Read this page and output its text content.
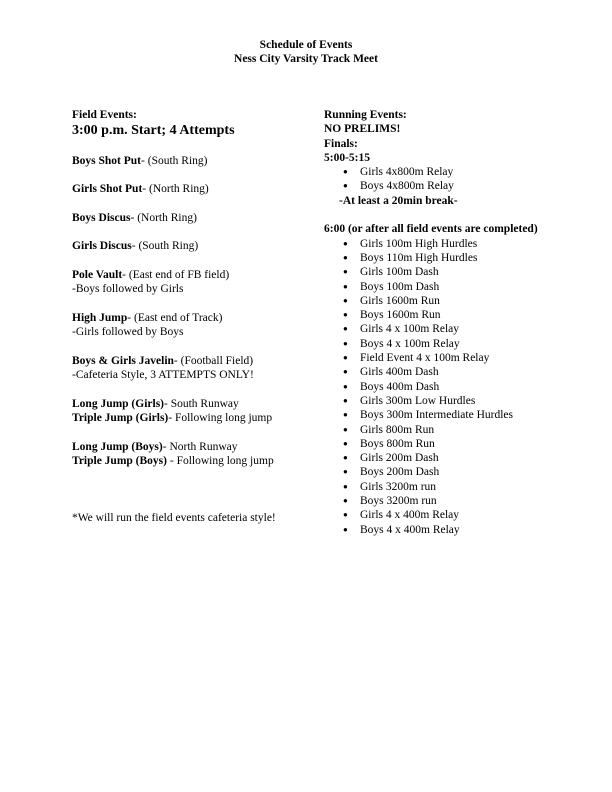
Schedule of Events
Ness City Varsity Track Meet
Field Events:
3:00 p.m. Start; 4 Attempts
Boys Shot Put- (South Ring)
Girls Shot Put- (North Ring)
Boys Discus- (North Ring)
Girls Discus- (South Ring)
Pole Vault- (East end of FB field)
-Boys followed by Girls
High Jump- (East end of Track)
-Girls followed by Boys
Boys & Girls Javelin- (Football Field)
-Cafeteria Style, 3 ATTEMPTS ONLY!
Long Jump (Girls)- South Runway
Triple Jump (Girls)- Following long jump
Long Jump (Boys)- North Runway
Triple Jump (Boys) - Following long jump
*We will run the field events cafeteria style!
Running Events:
NO PRELIMS!
Finals:
5:00-5:15
● Girls 4x800m Relay
● Boys 4x800m Relay
-At least a 20min break-
6:00 (or after all field events are completed)
● Girls 100m High Hurdles
● Boys 110m High Hurdles
● Girls 100m Dash
● Boys 100m Dash
● Girls 1600m Run
● Boys 1600m Run
● Girls 4 x 100m Relay
● Boys 4 x 100m Relay
● Field Event 4 x 100m Relay
● Girls 400m Dash
● Boys 400m Dash
● Girls 300m Low Hurdles
● Boys 300m Intermediate Hurdles
● Girls 800m Run
● Boys 800m Run
● Girls 200m Dash
● Boys 200m Dash
● Girls 3200m run
● Boys 3200m run
● Girls 4 x 400m Relay
● Boys 4 x 400m Relay
